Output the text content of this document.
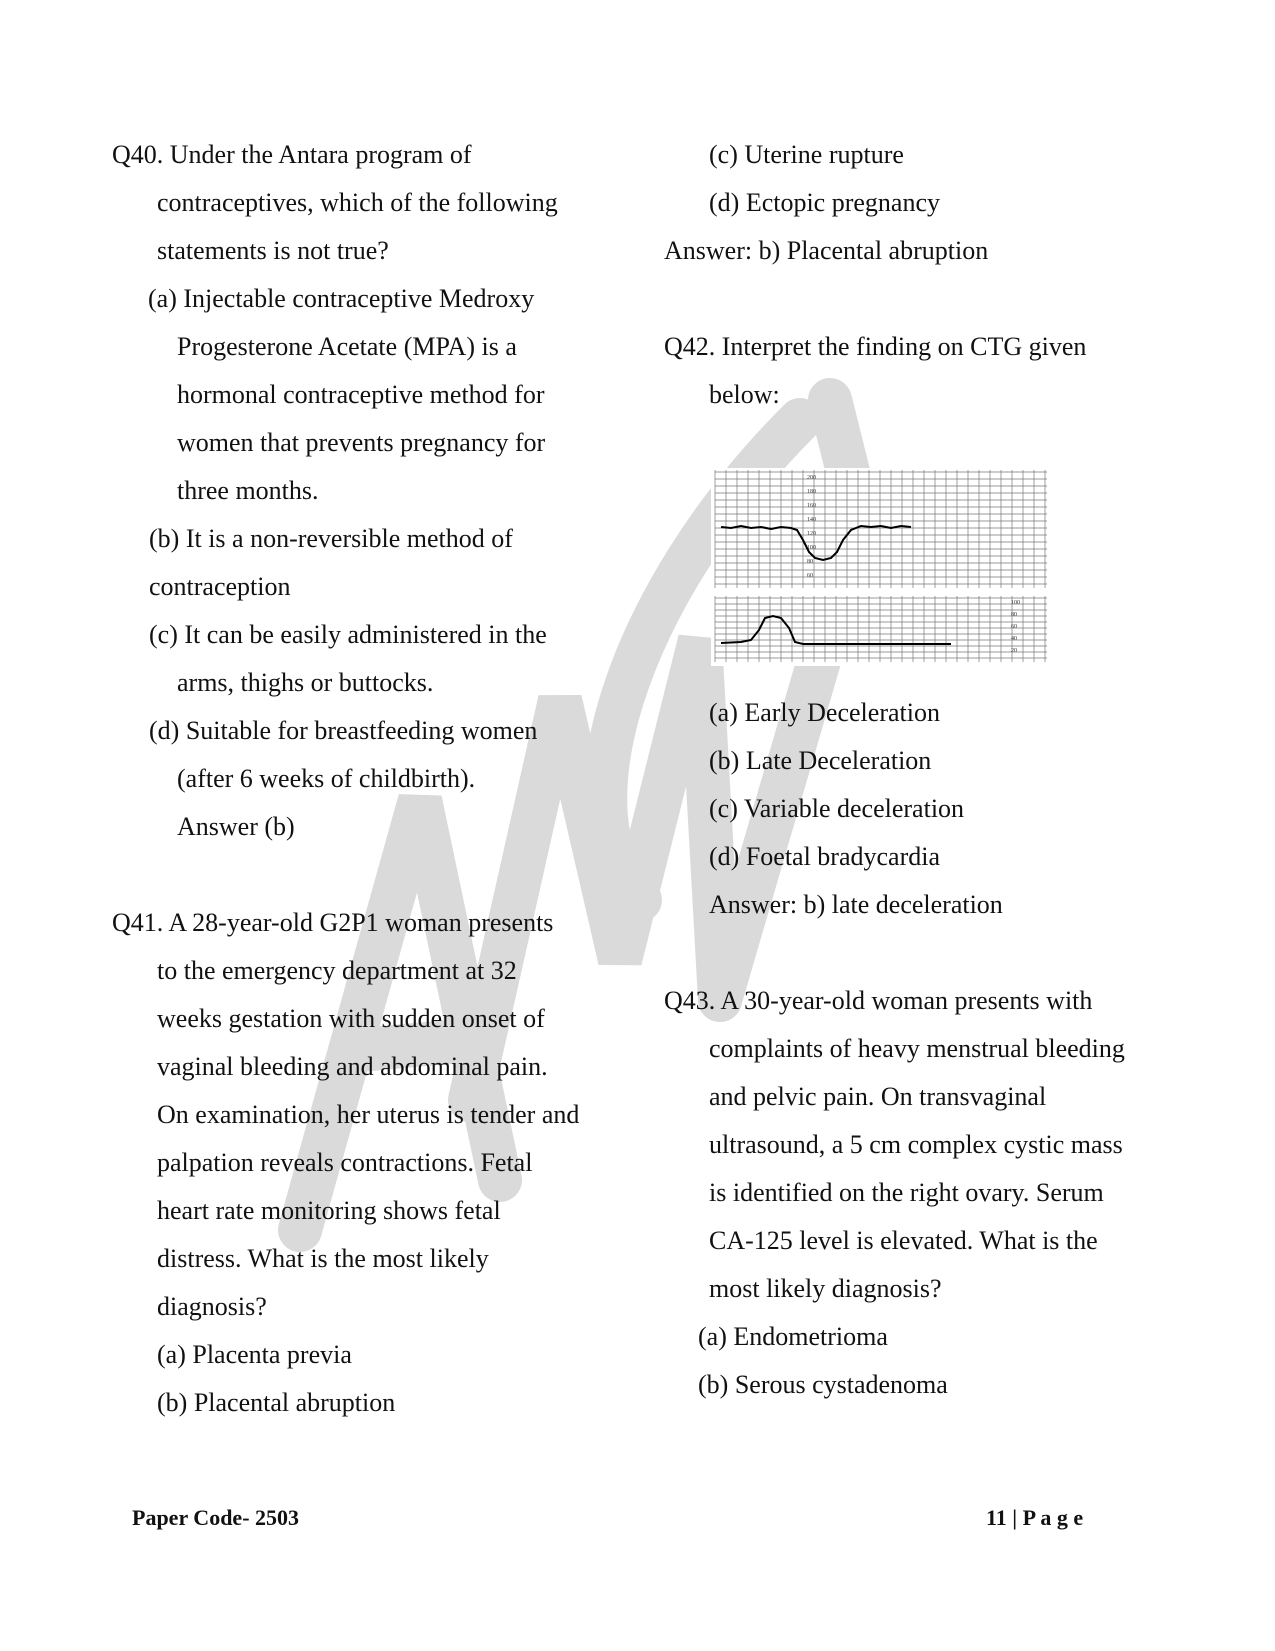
Q40. Under the Antara program of
contraceptives, which of the following
statements is not true?
(a) Injectable contraceptive Medroxy
Progesterone Acetate (MPA) is a
hormonal contraceptive method for
women that prevents pregnancy for
three months.
(b) It is a non-reversible method of
contraception
(c) It can be easily administered in the
arms, thighs or buttocks.
(d) Suitable for breastfeeding women
(after 6 weeks of childbirth).
Answer (b)
Q41. A 28-year-old G2P1 woman presents
to the emergency department at 32
weeks gestation with sudden onset of
vaginal bleeding and abdominal pain.
On examination, her uterus is tender and
palpation reveals contractions. Fetal
heart rate monitoring shows fetal
distress. What is the most likely
diagnosis?
(a) Placenta previa
(b) Placental abruption
(c) Uterine rupture
(d) Ectopic pregnancy
Answer: b) Placental abruption
Q42. Interpret the finding on CTG given
below:
(a) Early Deceleration
(b) Late Deceleration
(c) Variable deceleration
(d) Foetal bradycardia
Answer: b) late deceleration
Q43. A 30-year-old woman presents with
complaints of heavy menstrual bleeding
and pelvic pain. On transvaginal
ultrasound, a 5 cm complex cystic mass
is identified on the right ovary. Serum
CA-125 level is elevated. What is the
most likely diagnosis?
(a) Endometrioma
(b) Serous cystadenoma
200
180
160
140
120
100
80
60
100
80
60
40
20
Paper Code- 2503	11 | P a g e
